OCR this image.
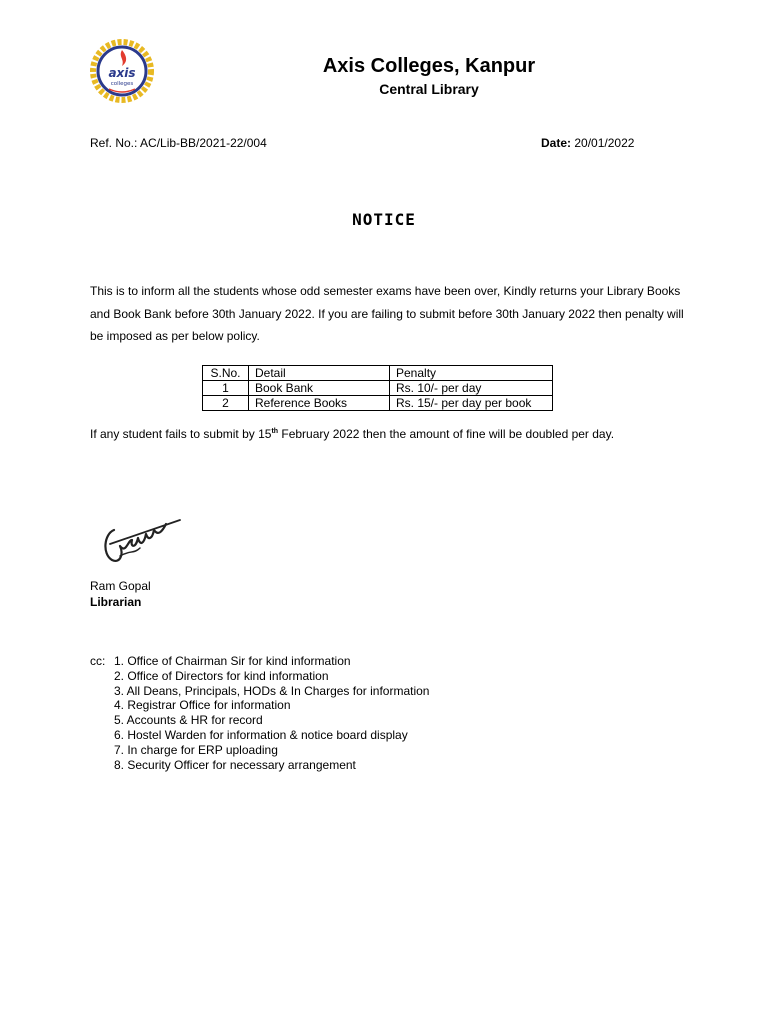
axis
colleges
Axis Colleges, Kanpur
Central Library
Ref. No.: AC/Lib-BB/2021-22/004	Date: 20/01/2022
NOTICE
This is to inform all the students whose odd semester exams have been over, Kindly returns your Library Books and Book Bank before 30th January 2022. If you are failing to submit before 30th January 2022 then penalty will be imposed as per below policy.
S.No.	Detail	Penalty
1	Book Bank	Rs. 10/- per day
2	Reference Books	Rs. 15/- per day per book
If any student fails to submit by 15th February 2022 then the amount of fine will be doubled per day.
Ram Gopal
Librarian
cc: 1. Office of Chairman Sir for kind information
2. Office of Directors for kind information
3. All Deans, Principals, HODs & In Charges for information
4. Registrar Office for information
5. Accounts & HR for record
6. Hostel Warden for information & notice board display
7. In charge for ERP uploading
8. Security Officer for necessary arrangement
